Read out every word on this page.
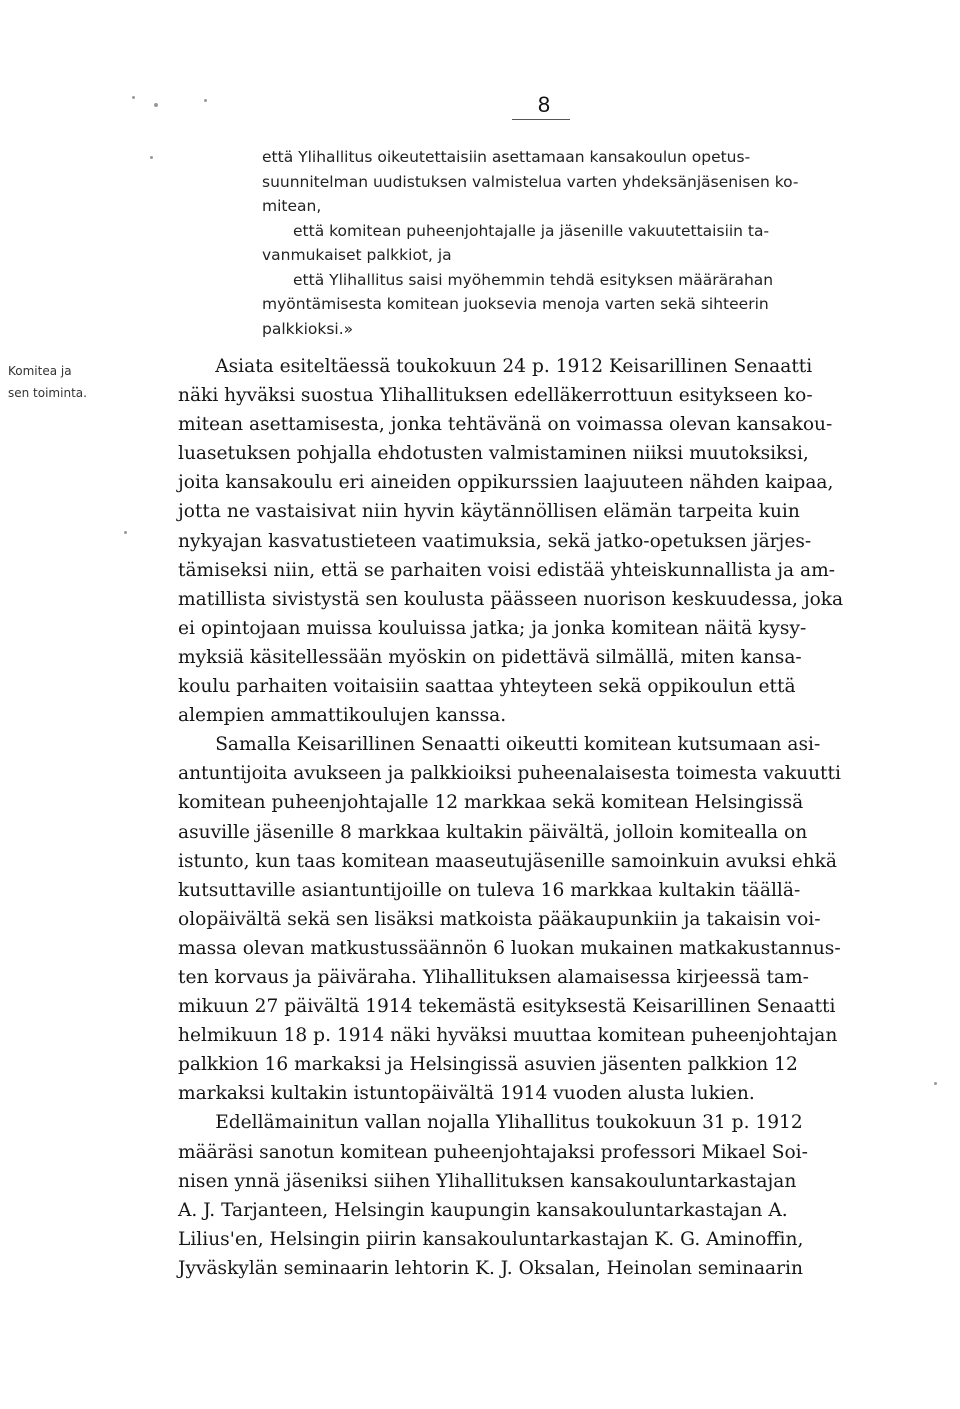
8
että Ylihallitus oikeutettaisiin asettamaan kansakoulun opetus-
suunnitelman uudistuksen valmistelua varten yhdeksänjäsenisen ko-
mitean,
  että komitean puheenjohtajalle ja jäsenille vakuutettaisiin ta-
vanmukaiset palkkiot, ja
  että Ylihallitus saisi myöhemmin tehdä esityksen määrärahan
myöntämisesta komitean juoksevia menoja varten sekä sihteerin
palkkioksi.»
Komitea ja
sen toiminta.
  Asiata esiteltäessä toukokuun 24 p. 1912 Keisarillinen Senaatti
näki hyväksi suostua Ylihallituksen edelläkerrottuun esitykseen ko-
mitean asettamisesta, jonka tehtävänä on voimassa olevan kansakou-
luasetuksen pohjalla ehdotusten valmistaminen niiksi muutoksiksi,
joita kansakoulu eri aineiden oppikurssien laajuuteen nähden kaipaa,
jotta ne vastaisivat niin hyvin käytännöllisen elämän tarpeita kuin
nykyajan kasvatustieteen vaatimuksia, sekä jatko-opetuksen järjes-
tämiseksi niin, että se parhaiten voisi edistää yhteiskunnallista ja am-
matillista sivistystä sen koulusta päässeen nuorison keskuudessa, joka
ei opintojaan muissa kouluissa jatka; ja jonka komitean näitä kysy-
myksiä käsitellessään myöskin on pidettävä silmällä, miten kansa-
koulu parhaiten voitaisiin saattaa yhteyteen sekä oppikoulun että
alempien ammattikoulujen kanssa.
  Samalla Keisarillinen Senaatti oikeutti komitean kutsumaan asi-
antuntijoita avukseen ja palkkioiksi puheenalaisesta toimesta vakuutti
komitean puheenjohtajalle 12 markkaa sekä komitean Helsingissä
asuville jäsenille 8 markkaa kultakin päivältä, jolloin komitealla on
istunto, kun taas komitean maaseutujäsenille samoinkuin avuksi ehkä
kutsuttaville asiantuntijoille on tuleva 16 markkaa kultakin täällä-
olopäivältä sekä sen lisäksi matkoista pääkaupunkiin ja takaisin voi-
massa olevan matkustussäännön 6 luokan mukainen matkakustannus-
ten korvaus ja päiväraha. Ylihallituksen alamaisessa kirjeessä tam-
mikuun 27 päivältä 1914 tekemästä esityksestä Keisarillinen Senaatti
helmikuun 18 p. 1914 näki hyväksi muuttaa komitean puheenjohtajan
palkkion 16 markaksi ja Helsingissä asuvien jäsenten palkkion 12
markaksi kultakin istuntopäivältä 1914 vuoden alusta lukien.
  Edellämainitun vallan nojalla Ylihallitus toukokuun 31 p. 1912
määräsi sanotun komitean puheenjohtajaksi professori Mikael Soi-
nisen ynnä jäseniksi siihen Ylihallituksen kansakouluntarkastajan
A. J. Tarjanteen, Helsingin kaupungin kansakouluntarkastajan A.
Lilius'en, Helsingin piirin kansakouluntarkastajan K. G. Aminoffin,
Jyväskylän seminaarin lehtorin K. J. Oksalan, Heinolan seminaarin
